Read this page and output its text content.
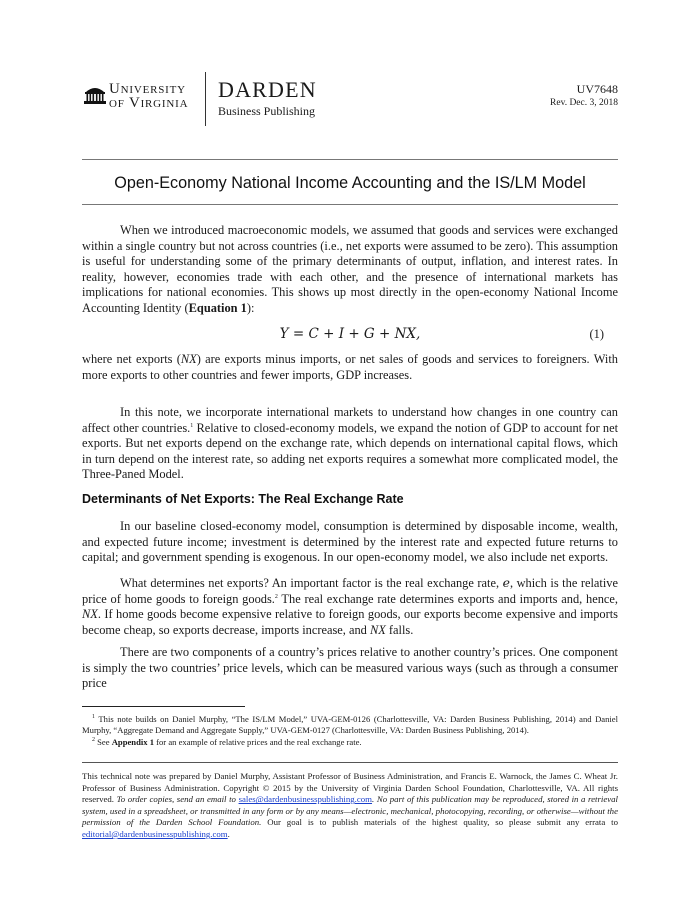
University
of Virginia
DARDEN
Business Publishing
UV7648
Rev. Dec. 3, 2018
Open-Economy National Income Accounting and the IS/LM Model

When we introduced macroeconomic models, we assumed that goods and services were exchanged within a single country but not across countries (i.e., net exports were assumed to be zero). This assumption is useful for understanding some of the primary determinants of output, inflation, and interest rates. In reality, however, economies trade with each other, and the presence of international markets has implications for national economies. This shows up most directly in the open-economy National Income Accounting Identity (Equation 1):

Y = C + I + G + NX,	(1)

where net exports (NX) are exports minus imports, or net sales of goods and services to foreigners. With more exports to other countries and fewer imports, GDP increases.

In this note, we incorporate international markets to understand how changes in one country can affect other countries.$^1$ Relative to closed-economy models, we expand the notion of GDP to account for net exports. But net exports depend on the exchange rate, which depends on international capital flows, which in turn depend on the interest rate, so adding net exports requires a somewhat more complicated model, the Three-Paned Model.

Determinants of Net Exports: The Real Exchange Rate

In our baseline closed-economy model, consumption is determined by disposable income, wealth, and expected future income; investment is determined by the interest rate and expected future returns to capital; and government spending is exogenous. In our open-economy model, we also include net exports.

What determines net exports? An important factor is the real exchange rate, e, which is the relative price of home goods to foreign goods.$^2$ The real exchange rate determines exports and imports and, hence, NX. If home goods become expensive relative to foreign goods, our exports become expensive and imports become cheap, so exports decrease, imports increase, and NX falls.

There are two components of a country’s prices relative to another country’s prices. One component is simply the two countries’ price levels, which can be measured various ways (such as through a consumer price

$^1$ This note builds on Daniel Murphy, “The IS/LM Model,” UVA-GEM-0126 (Charlottesville, VA: Darden Business Publishing, 2014) and Daniel Murphy, “Aggregate Demand and Aggregate Supply,” UVA-GEM-0127 (Charlottesville, VA: Darden Business Publishing, 2014).

$^2$ See Appendix 1 for an example of relative prices and the real exchange rate.

This technical note was prepared by Daniel Murphy, Assistant Professor of Business Administration, and Francis E. Warnock, the James C. Wheat Jr. Professor of Business Administration. Copyright © 2015 by the University of Virginia Darden School Foundation, Charlottesville, VA. All rights reserved. To order copies, send an email to sales@dardenbusinesspublishing.com. No part of this publication may be reproduced, stored in a retrieval system, used in a spreadsheet, or transmitted in any form or by any means—electronic, mechanical, photocopying, recording, or otherwise—without the permission of the Darden School Foundation. Our goal is to publish materials of the highest quality, so please submit any errata to editorial@dardenbusinesspublishing.com.
